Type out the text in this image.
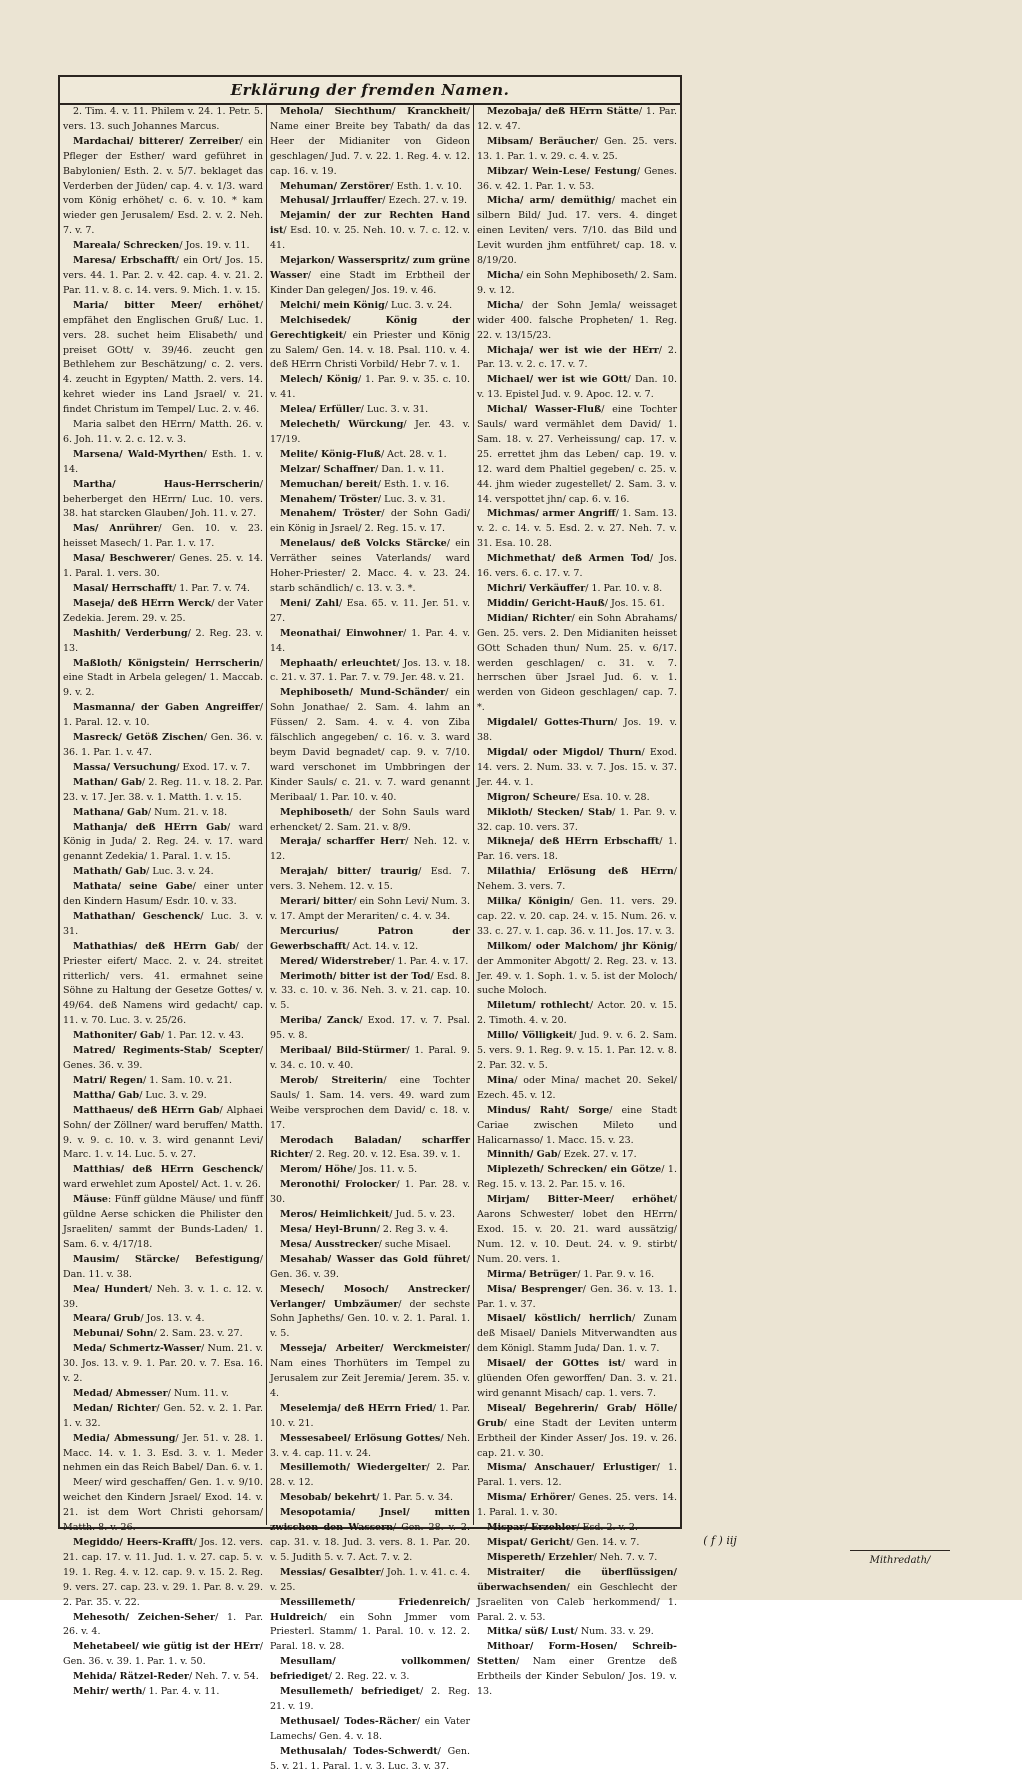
Erklärung der fremden Namen.

2. Tim. 4. v. 11. Philem v. 24. 1. Petr. 5. vers. 13. such Johannes Marcus.

Mardachai/ bitterer/ Zerreiber/ ein Pfleger der Esther/ ward geführet in Babylonien/ Esth. 2. v. 5/7. beklaget das Verderben der Jüden/ cap. 4. v. 1/3. ward vom König erhöhet/ c. 6. v. 10. * kam wieder gen Jerusalem/ Esd. 2. v. 2. Neh. 7. v. 7.

Mareala/ Schrecken/ Jos. 19. v. 11.

Maresa/ Erbschafft/ ein Ort/ Jos. 15. vers. 44. 1. Par. 2. v. 42. cap. 4. v. 21. 2. Par. 11. v. 8. c. 14. vers. 9. Mich. 1. v. 15.

Maria/ bitter Meer/ erhöhet/ empfähet den Englischen Gruß/ Luc. 1. vers. 28. suchet heim Elisabeth/ und preiset GOtt/ v. 39/46. zeucht gen Bethlehem zur Beschätzung/ c. 2. vers. 4. zeucht in Egypten/ Matth. 2. vers. 14. kehret wieder ins Land Jsrael/ v. 21. findet Christum im Tempel/ Luc. 2. v. 46.

Maria salbet den HErrn/ Matth. 26. v. 6. Joh. 11. v. 2. c. 12. v. 3.

Marsena/ Wald-Myrthen/ Esth. 1. v. 14.

Martha/ Haus-Herrscherin/ beherberget den HErrn/ Luc. 10. vers. 38. hat starcken Glauben/ Joh. 11. v. 27.

Mas/ Anrührer/ Gen. 10. v. 23. heisset Masech/ 1. Par. 1. v. 17.

Masa/ Beschwerer/ Genes. 25. v. 14. 1. Paral. 1. vers. 30.

Masal/ Herrschafft/ 1. Par. 7. v. 74.

Maseja/ deß HErrn Werck/ der Vater Zedekia. Jerem. 29. v. 25.

Mashith/ Verderbung/ 2. Reg. 23. v. 13.

Maßloth/ Königstein/ Herrscherin/ eine Stadt in Arbela gelegen/ 1. Maccab. 9. v. 2.

Masmanna/ der Gaben Angreiffer/ 1. Paral. 12. v. 10.

Masreck/ Getöß Zischen/ Gen. 36. v. 36. 1. Par. 1. v. 47.

Massa/ Versuchung/ Exod. 17. v. 7.

Mathan/ Gab/ 2. Reg. 11. v. 18. 2. Par. 23. v. 17. Jer. 38. v. 1. Matth. 1. v. 15.

Mathana/ Gab/ Num. 21. v. 18.

Mathanja/ deß HErrn Gab/ ward König in Juda/ 2. Reg. 24. v. 17. ward genannt Zedekia/ 1. Paral. 1. v. 15.

Mathath/ Gab/ Luc. 3. v. 24.

Mathata/ seine Gabe/ einer unter den Kindern Hasum/ Esdr. 10. v. 33.

Mathathan/ Geschenck/ Luc. 3. v. 31.

Mathathias/ deß HErrn Gab/ der Priester eifert/ Macc. 2. v. 24. streitet ritterlich/ vers. 41. ermahnet seine Söhne zu Haltung der Gesetze Gottes/ v. 49/64. deß Namens wird gedacht/ cap. 11. v. 70. Luc. 3. v. 25/26.

Mathoniter/ Gab/ 1. Par. 12. v. 43.

Matred/ Regiments-Stab/ Scepter/ Genes. 36. v. 39.

Matri/ Regen/ 1. Sam. 10. v. 21.

Mattha/ Gab/ Luc. 3. v. 29.

Matthaeus/ deß HErrn Gab/ Alphaei Sohn/ der Zöllner/ ward beruffen/ Matth. 9. v. 9. c. 10. v. 3. wird genannt Levi/ Marc. 1. v. 14. Luc. 5. v. 27.

Matthias/ deß HErrn Geschenck/ ward erwehlet zum Apostel/ Act. 1. v. 26.

Mäuse: Fünff güldne Mäuse/ und fünff güldne Aerse schicken die Philister den Jsraeliten/ sammt der Bunds-Laden/ 1. Sam. 6. v. 4/17/18.

Mausim/ Stärcke/ Befestigung/ Dan. 11. v. 38.

Mea/ Hundert/ Neh. 3. v. 1. c. 12. v. 39.

Meara/ Grub/ Jos. 13. v. 4.

Mebunai/ Sohn/ 2. Sam. 23. v. 27.

Meda/ Schmertz-Wasser/ Num. 21. v. 30. Jos. 13. v. 9. 1. Par. 20. v. 7. Esa. 16. v. 2.

Medad/ Abmesser/ Num. 11. v.

Medan/ Richter/ Gen. 52. v. 2. 1. Par. 1. v. 32.

Media/ Abmessung/ Jer. 51. v. 28. 1. Macc. 14. v. 1. 3. Esd. 3. v. 1. Meder nehmen ein das Reich Babel/ Dan. 6. v. 1.

Meer/ wird geschaffen/ Gen. 1. v. 9/10. weichet den Kindern Jsrael/ Exod. 14. v. 21. ist dem Wort Christi gehorsam/ Matth. 8. v. 26.

Megiddo/ Heers-Krafft/ Jos. 12. vers. 21. cap. 17. v. 11. Jud. 1. v. 27. cap. 5. v. 19. 1. Reg. 4. v. 12. cap. 9. v. 15. 2. Reg. 9. vers. 27. cap. 23. v. 29. 1. Par. 8. v. 29. 2. Par. 35. v. 22.

Mehesoth/ Zeichen-Seher/ 1. Par. 26. v. 4.

Mehetabeel/ wie gütig ist der HErr/ Gen. 36. v. 39. 1. Par. 1. v. 50.

Mehida/ Rätzel-Reder/ Neh. 7. v. 54.

Mehir/ werth/ 1. Par. 4. v. 11.

Mehola/ Siechthum/ Kranckheit/ Name einer Breite bey Tabath/ da das Heer der Midianiter von Gideon geschlagen/ Jud. 7. v. 22. 1. Reg. 4. v. 12. cap. 16. v. 19.

Mehuman/ Zerstörer/ Esth. 1. v. 10.

Mehusal/ Jrrlauffer/ Ezech. 27. v. 19.

Mejamin/ der zur Rechten Hand ist/ Esd. 10. v. 25. Neh. 10. v. 7. c. 12. v. 41.

Mejarkon/ Wasserspritz/ zum grüne Wasser/ eine Stadt im Erbtheil der Kinder Dan gelegen/ Jos. 19. v. 46.

Melchi/ mein König/ Luc. 3. v. 24.

Melchisedek/ König der Gerechtigkeit/ ein Priester und König zu Salem/ Gen. 14. v. 18. Psal. 110. v. 4. deß HErrn Christi Vorbild/ Hebr 7. v. 1.

Melech/ König/ 1. Par. 9. v. 35. c. 10. v. 41.

Melea/ Erfüller/ Luc. 3. v. 31.

Melecheth/ Würckung/ Jer. 43. v. 17/19.

Melite/ König-Fluß/ Act. 28. v. 1.

Melzar/ Schaffner/ Dan. 1. v. 11.

Memuchan/ bereit/ Esth. 1. v. 16.

Menahem/ Tröster/ Luc. 3. v. 31.

Menahem/ Tröster/ der Sohn Gadi/ ein König in Jsrael/ 2. Reg. 15. v. 17.

Menelaus/ deß Volcks Stärcke/ ein Verräther seines Vaterlands/ ward Hoher-Priester/ 2. Macc. 4. v. 23. 24. starb schändlich/ c. 13. v. 3. *.

Meni/ Zahl/ Esa. 65. v. 11. Jer. 51. v. 27.

Meonathai/ Einwohner/ 1. Par. 4. v. 14.

Mephaath/ erleuchtet/ Jos. 13. v. 18. c. 21. v. 37. 1. Par. 7. v. 79. Jer. 48. v. 21.

Mephiboseth/ Mund-Schänder/ ein Sohn Jonathae/ 2. Sam. 4. lahm an Füssen/ 2. Sam. 4. v. 4. von Ziba fälschlich angegeben/ c. 16. v. 3. ward beym David begnadet/ cap. 9. v. 7/10. ward verschonet im Umbbringen der Kinder Sauls/ c. 21. v. 7. ward genannt Meribaal/ 1. Par. 10. v. 40.

Mephiboseth/ der Sohn Sauls ward erhencket/ 2. Sam. 21. v. 8/9.

Meraja/ scharffer Herr/ Neh. 12. v. 12.

Merajah/ bitter/ traurig/ Esd. 7. vers. 3. Nehem. 12. v. 15.

Merari/ bitter/ ein Sohn Levi/ Num. 3. v. 17. Ampt der Merariten/ c. 4. v. 34.

Mercurius/ Patron der Gewerbschafft/ Act. 14. v. 12.

Mered/ Widerstreber/ 1. Par. 4. v. 17.

Merimoth/ bitter ist der Tod/ Esd. 8. v. 33. c. 10. v. 36. Neh. 3. v. 21. cap. 10. v. 5.

Meriba/ Zanck/ Exod. 17. v. 7. Psal. 95. v. 8.

Meribaal/ Bild-Stürmer/ 1. Paral. 9. v. 34. c. 10. v. 40.

Merob/ Streiterin/ eine Tochter Sauls/ 1. Sam. 14. vers. 49. ward zum Weibe versprochen dem David/ c. 18. v. 17.

Merodach Baladan/ scharffer Richter/ 2. Reg. 20. v. 12. Esa. 39. v. 1.

Merom/ Höhe/ Jos. 11. v. 5.

Meronothi/ Frolocker/ 1. Par. 28. v. 30.

Meros/ Heimlichkeit/ Jud. 5. v. 23.

Mesa/ Heyl-Brunn/ 2. Reg 3. v. 4.

Mesa/ Ausstrecker/ suche Misael.

Mesahab/ Wasser das Gold führet/ Gen. 36. v. 39.

Mesech/ Mosoch/ Anstrecker/ Verlanger/ Umbzäumer/ der sechste Sohn Japheths/ Gen. 10. v. 2. 1. Paral. 1. v. 5.

Messeja/ Arbeiter/ Werckmeister/ Nam eines Thorhüters im Tempel zu Jerusalem zur Zeit Jeremia/ Jerem. 35. v. 4.

Meselemja/ deß HErrn Fried/ 1. Par. 10. v. 21.

Messesabeel/ Erlösung Gottes/ Neh. 3. v. 4. cap. 11. v. 24.

Mesillemoth/ Wiedergelter/ 2. Par. 28. v. 12.

Mesobab/ bekehrt/ 1. Par. 5. v. 34.

Mesopotamia/ Jnsel/ mitten zwischen den Wassern/ Gen. 28. v. 2. cap. 31. v. 18. Jud. 3. vers. 8. 1. Par. 20. v. 5. Judith 5. v. 7. Act. 7. v. 2.

Messias/ Gesalbter/ Joh. 1. v. 41. c. 4. v. 25.

Messillemeth/ Friedenreich/ Huldreich/ ein Sohn Jmmer vom Priesterl. Stamm/ 1. Paral. 10. v. 12. 2. Paral. 18. v. 28.

Mesullam/ vollkommen/ befriediget/ 2. Reg. 22. v. 3.

Mesullemeth/ befriediget/ 2. Reg. 21. v. 19.

Methusael/ Todes-Rächer/ ein Vater Lamechs/ Gen. 4. v. 18.

Methusalah/ Todes-Schwerdt/ Gen. 5. v. 21. 1. Paral. 1. v. 3. Luc. 3. v. 37.

Mezobaja/ deß HErrn Stätte/ 1. Par. 12. v. 47.

Mibsam/ Beräucher/ Gen. 25. vers. 13. 1. Par. 1. v. 29. c. 4. v. 25.

Mibzar/ Wein-Lese/ Festung/ Genes. 36. v. 42. 1. Par. 1. v. 53.

Micha/ arm/ demüthig/ machet ein silbern Bild/ Jud. 17. vers. 4. dinget einen Leviten/ vers. 7/10. das Bild und Levit wurden jhm entführet/ cap. 18. v. 8/19/20.

Micha/ ein Sohn Mephiboseth/ 2. Sam. 9. v. 12.

Micha/ der Sohn Jemla/ weissaget wider 400. falsche Propheten/ 1. Reg. 22. v. 13/15/23.

Michaja/ wer ist wie der HErr/ 2. Par. 13. v. 2. c. 17. v. 7.

Michael/ wer ist wie GOtt/ Dan. 10. v. 13. Epistel Jud. v. 9. Apoc. 12. v. 7.

Michal/ Wasser-Fluß/ eine Tochter Sauls/ ward vermählet dem David/ 1. Sam. 18. v. 27. Verheissung/ cap. 17. v. 25. errettet jhm das Leben/ cap. 19. v. 12. ward dem Phaltiel gegeben/ c. 25. v. 44. jhm wieder zugestellet/ 2. Sam. 3. v. 14. verspottet jhn/ cap. 6. v. 16.

Michmas/ armer Angriff/ 1. Sam. 13. v. 2. c. 14. v. 5. Esd. 2. v. 27. Neh. 7. v. 31. Esa. 10. 28.

Michmethat/ deß Armen Tod/ Jos. 16. vers. 6. c. 17. v. 7.

Michri/ Verkäuffer/ 1. Par. 10. v. 8.

Middin/ Gericht-Hauß/ Jos. 15. 61.

Midian/ Richter/ ein Sohn Abrahams/ Gen. 25. vers. 2. Den Midianiten heisset GOtt Schaden thun/ Num. 25. v. 6/17. werden geschlagen/ c. 31. v. 7. herrschen über Jsrael Jud. 6. v. 1. werden von Gideon geschlagen/ cap. 7. *.

Migdalel/ Gottes-Thurn/ Jos. 19. v. 38.

Migdal/ oder Migdol/ Thurn/ Exod. 14. vers. 2. Num. 33. v. 7. Jos. 15. v. 37. Jer. 44. v. 1.

Migron/ Scheure/ Esa. 10. v. 28.

Mikloth/ Stecken/ Stab/ 1. Par. 9. v. 32. cap. 10. vers. 37.

Mikneja/ deß HErrn Erbschafft/ 1. Par. 16. vers. 18.

Milathia/ Erlösung deß HErrn/ Nehem. 3. vers. 7.

Milka/ Königin/ Gen. 11. vers. 29. cap. 22. v. 20. cap. 24. v. 15. Num. 26. v. 33. c. 27. v. 1. cap. 36. v. 11. Jos. 17. v. 3.

Milkom/ oder Malchom/ jhr König/ der Ammoniter Abgott/ 2. Reg. 23. v. 13. Jer. 49. v. 1. Soph. 1. v. 5. ist der Moloch/ suche Moloch.

Miletum/ rothlecht/ Actor. 20. v. 15. 2. Timoth. 4. v. 20.

Millo/ Völligkeit/ Jud. 9. v. 6. 2. Sam. 5. vers. 9. 1. Reg. 9. v. 15. 1. Par. 12. v. 8. 2. Par. 32. v. 5.

Mina/ oder Mina/ machet 20. Sekel/ Ezech. 45. v. 12.

Mindus/ Raht/ Sorge/ eine Stadt Cariae zwischen Mileto und Halicarnasso/ 1. Macc. 15. v. 23.

Minnith/ Gab/ Ezek. 27. v. 17.

Miplezeth/ Schrecken/ ein Götze/ 1. Reg. 15. v. 13. 2. Par. 15. v. 16.

Mirjam/ Bitter-Meer/ erhöhet/ Aarons Schwester/ lobet den HErrn/ Exod. 15. v. 20. 21. ward aussätzig/ Num. 12. v. 10. Deut. 24. v. 9. stirbt/ Num. 20. vers. 1.

Mirma/ Betrüger/ 1. Par. 9. v. 16.

Misa/ Besprenger/ Gen. 36. v. 13. 1. Par. 1. v. 37.

Misael/ köstlich/ herrlich/ Zunam deß Misael/ Daniels Mitverwandten aus dem Königl. Stamm Juda/ Dan. 1. v. 7.

Misael/ der GOttes ist/ ward in glüenden Ofen geworffen/ Dan. 3. v. 21. wird genannt Misach/ cap. 1. vers. 7.

Miseal/ Begehrerin/ Grab/ Hölle/ Grub/ eine Stadt der Leviten unterm Erbtheil der Kinder Asser/ Jos. 19. v. 26. cap. 21. v. 30.

Misma/ Anschauer/ Erlustiger/ 1. Paral. 1. vers. 12.

Misma/ Erhörer/ Genes. 25. vers. 14. 1. Paral. 1. v. 30.

Mispar/ Erzehler/ Esd. 2. v. 2.

Mispat/ Gericht/ Gen. 14. v. 7.

Mispereth/ Erzehler/ Neh. 7. v. 7.

Mistraiter/ die überflüssigen/ überwachsenden/ ein Geschlecht der Jsraeliten von Caleb herkommend/ 1. Paral. 2. v. 53.

Mitka/ süß/ Lust/ Num. 33. v. 29.

Mithoar/ Form-Hosen/ Schreib-Stetten/ Nam einer Grentze deß Erbtheils der Kinder Sebulon/ Jos. 19. v. 13.

( f ) iij
Mithredath/
